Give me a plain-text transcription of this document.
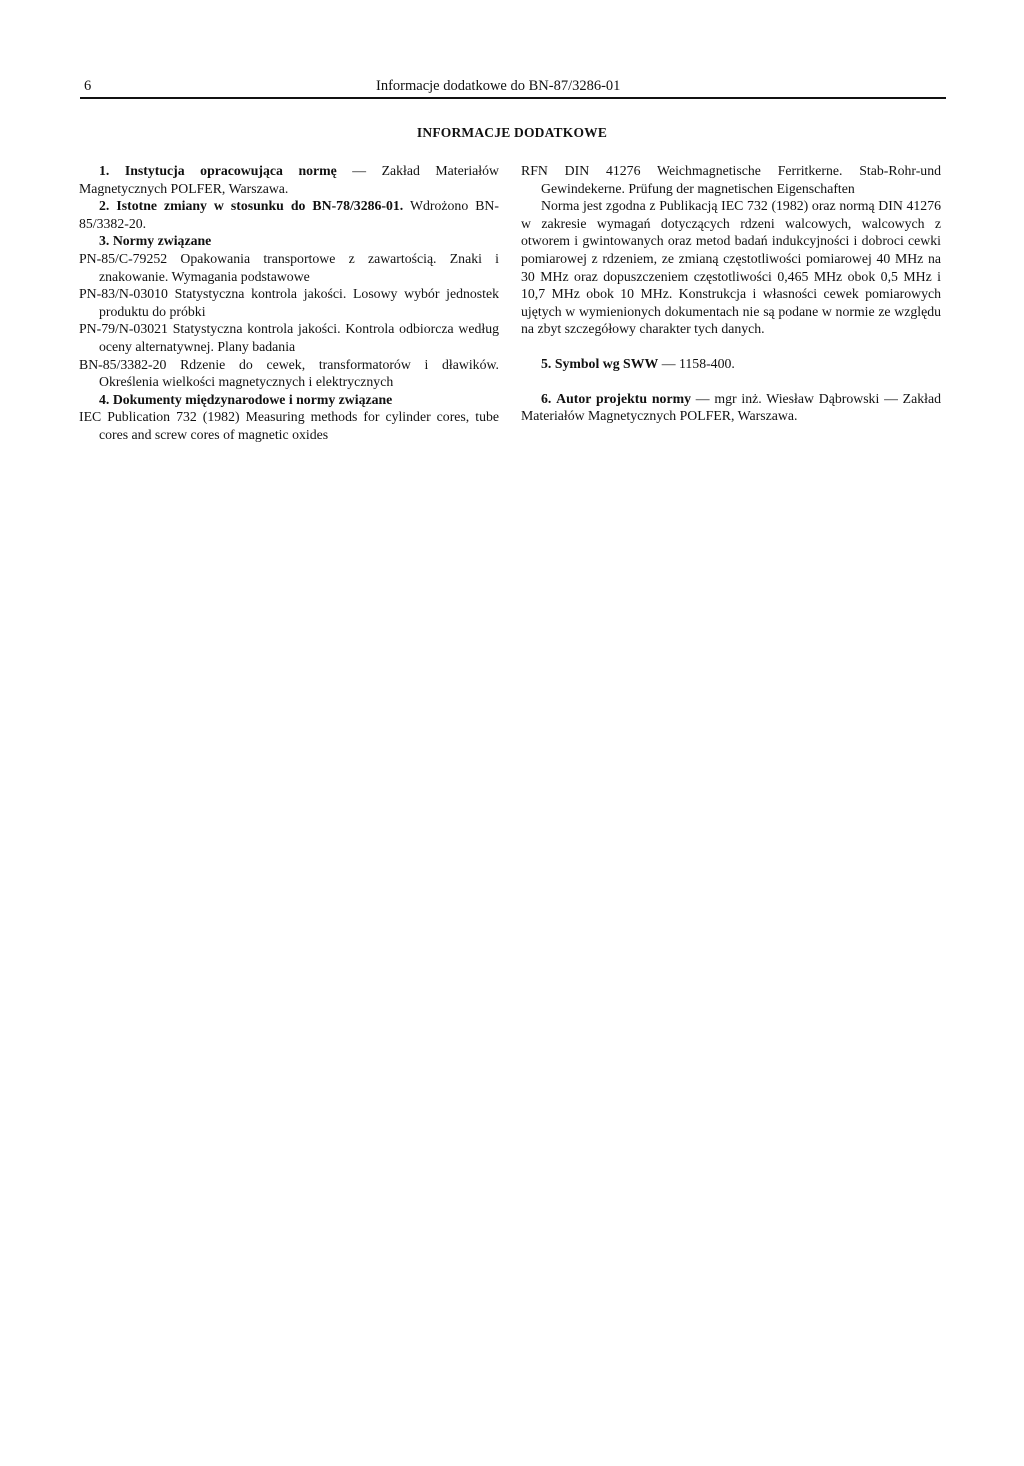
6	Informacje dodatkowe do BN-87/3286-01
INFORMACJE DODATKOWE

1. Instytucja opracowująca normę — Zakład Materiałów Magnetycznych POLFER, Warszawa.

2. Istotne zmiany w stosunku do BN-78/3286-01. Wdrożono BN-85/3382-20.

3. Normy związane

PN-85/C-79252 Opakowania transportowe z zawartością. Znaki i znakowanie. Wymagania podstawowe

PN-83/N-03010 Statystyczna kontrola jakości. Losowy wybór jednostek produktu do próbki

PN-79/N-03021 Statystyczna kontrola jakości. Kontrola odbiorcza według oceny alternatywnej. Plany badania

BN-85/3382-20 Rdzenie do cewek, transformatorów i dławików. Określenia wielkości magnetycznych i elektrycznych

4. Dokumenty międzynarodowe i normy związane

IEC Publication 732 (1982) Measuring methods for cylinder cores, tube cores and screw cores of magnetic oxides

RFN DIN 41276 Weichmagnetische Ferritkerne. Stab-Rohr-und Gewindekerne. Prüfung der magnetischen Eigenschaften

Norma jest zgodna z Publikacją IEC 732 (1982) oraz normą DIN 41276 w zakresie wymagań dotyczących rdzeni walcowych, walcowych z otworem i gwintowanych oraz metod badań indukcyjności i dobroci cewki pomiarowej z rdzeniem, ze zmianą częstotliwości pomiarowej 40 MHz na 30 MHz oraz dopuszczeniem częstotliwości 0,465 MHz obok 0,5 MHz i 10,7 MHz obok 10 MHz. Konstrukcja i własności cewek pomiarowych ujętych w wymienionych dokumentach nie są podane w normie ze względu na zbyt szczegółowy charakter tych danych.

5. Symbol wg SWW — 1158-400.

6. Autor projektu normy — mgr inż. Wiesław Dąbrowski — Zakład Materiałów Magnetycznych POLFER, Warszawa.
